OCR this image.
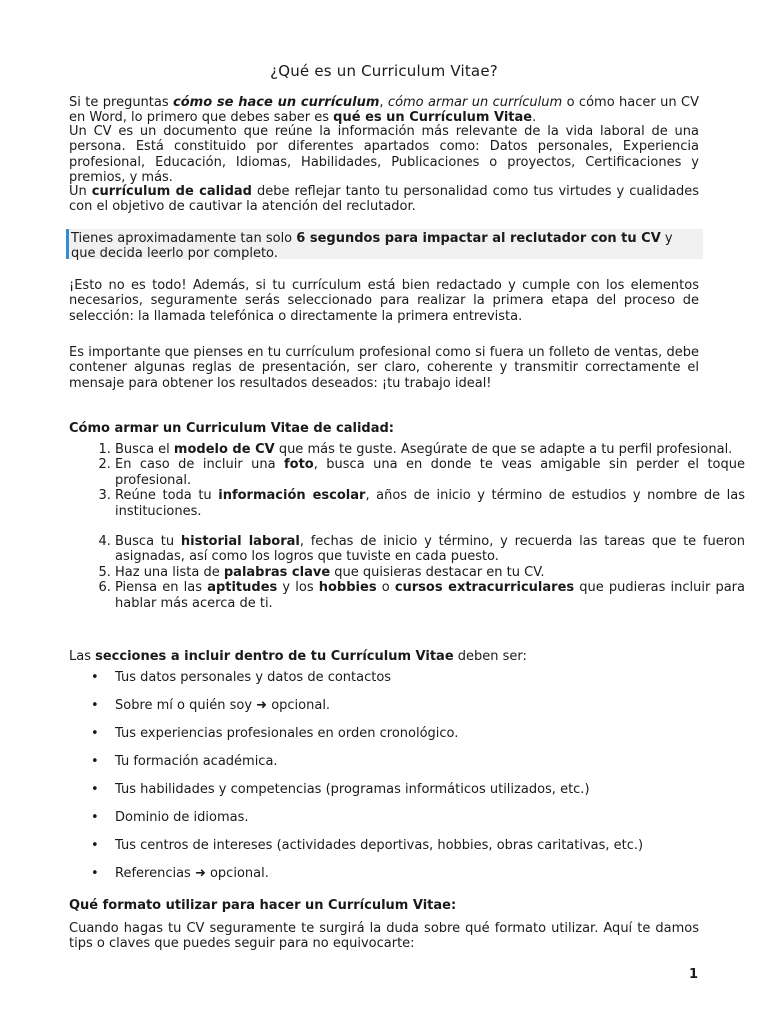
¿Qué es un Curriculum Vitae?

Si te preguntas cómo se hace un currículum, cómo armar un currículum o cómo hacer un CV en Word, lo primero que debes saber es qué es un Currículum Vitae.

Un CV es un documento que reúne la información más relevante de la vida laboral de una persona. Está constituido por diferentes apartados como: Datos personales, Experiencia profesional, Educación, Idiomas, Habilidades, Publicaciones o proyectos, Certificaciones y premios, y más.

Un currículum de calidad debe reflejar tanto tu personalidad como tus virtudes y cualidades con el objetivo de cautivar la atención del reclutador.

Tienes aproximadamente tan solo 6 segundos para impactar al reclutador con tu CV y que decida leerlo por completo.

¡Esto no es todo! Además, si tu currículum está bien redactado y cumple con los elementos necesarios, seguramente serás seleccionado para realizar la primera etapa del proceso de selección: la llamada telefónica o directamente la primera entrevista.

Es importante que pienses en tu currículum profesional como si fuera un folleto de ventas, debe contener algunas reglas de presentación, ser claro, coherente y transmitir correctamente el mensaje para obtener los resultados deseados: ¡tu trabajo ideal!

Cómo armar un Curriculum Vitae de calidad:

1. Busca el modelo de CV que más te guste. Asegúrate de que se adapte a tu perfil profesional.
2. En caso de incluir una foto, busca una en donde te veas amigable sin perder el toque profesional.
3. Reúne toda tu información escolar, años de inicio y término de estudios y nombre de las instituciones.
4. Busca tu historial laboral, fechas de inicio y término, y recuerda las tareas que te fueron asignadas, así como los logros que tuviste en cada puesto.
5. Haz una lista de palabras clave que quisieras destacar en tu CV.
6. Piensa en las aptitudes y los hobbies o cursos extracurriculares que pudieras incluir para hablar más acerca de ti.

Las secciones a incluir dentro de tu Currículum Vitae deben ser:

• Tus datos personales y datos de contactos
• Sobre mí o quién soy ➜ opcional.
• Tus experiencias profesionales en orden cronológico.
• Tu formación académica.
• Tus habilidades y competencias (programas informáticos utilizados, etc.)
• Dominio de idiomas.
• Tus centros de intereses (actividades deportivas, hobbies, obras caritativas, etc.)
• Referencias ➜ opcional.

Qué formato utilizar para hacer un Currículum Vitae:

Cuando hagas tu CV seguramente te surgirá la duda sobre qué formato utilizar. Aquí te damos tips o claves que puedes seguir para no equivocarte:

1
